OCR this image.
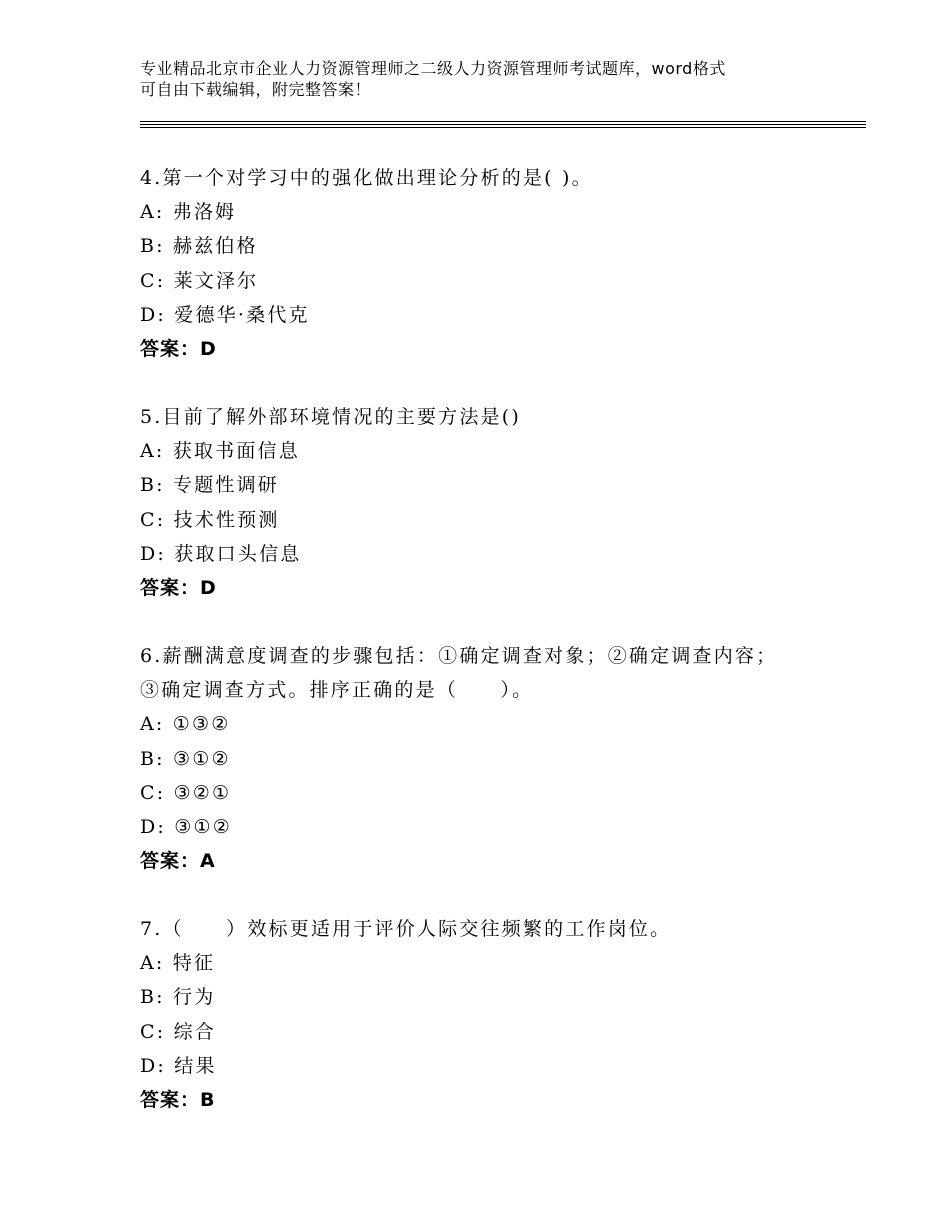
专业精品北京市企业人力资源管理师之二级人力资源管理师考试题库，word格式
可自由下载编辑，附完整答案！
4.第一个对学习中的强化做出理论分析的是( )。
A: 弗洛姆
B: 赫兹伯格
C: 莱文泽尔
D: 爱德华·桑代克
答案：D
5.目前了解外部环境情况的主要方法是()
A: 获取书面信息
B: 专题性调研
C: 技术性预测
D: 获取口头信息
答案：D
6.薪酬满意度调查的步骤包括：①确定调查对象；②确定调查内容；
③确定调查方式。排序正确的是（　　）。
A: ①③②
B: ③①②
C: ③②①
D: ③①②
答案：A
7.（　　）效标更适用于评价人际交往频繁的工作岗位。
A: 特征
B: 行为
C: 综合
D: 结果
答案：B
